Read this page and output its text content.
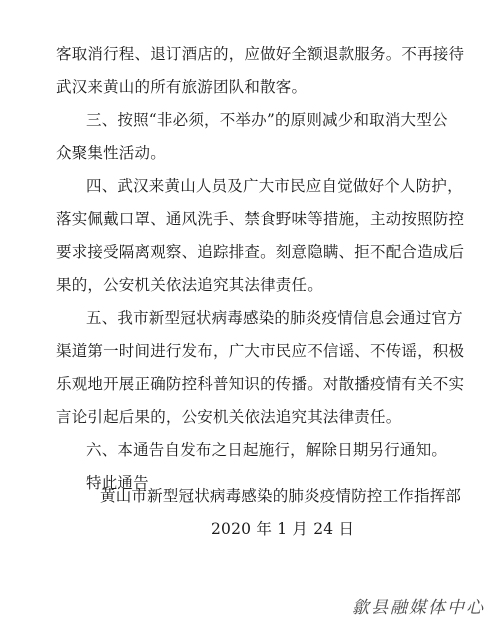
客取消行程、退订酒店的，应做好全额退款服务。不再接待
武汉来黄山的所有旅游团队和散客。
三、按照“非必须，不举办”的原则减少和取消大型公
众聚集性活动。
四、武汉来黄山人员及广大市民应自觉做好个人防护，
落实佩戴口罩、通风洗手、禁食野味等措施，主动按照防控
要求接受隔离观察、追踪排查。刻意隐瞒、拒不配合造成后
果的，公安机关依法追究其法律责任。
五、我市新型冠状病毒感染的肺炎疫情信息会通过官方
渠道第一时间进行发布，广大市民应不信谣、不传谣，积极
乐观地开展正确防控科普知识的传播。对散播疫情有关不实
言论引起后果的，公安机关依法追究其法律责任。
六、本通告自发布之日起施行，解除日期另行通知。
特此通告
黄山市新型冠状病毒感染的肺炎疫情防控工作指挥部
2020 年 1 月 24 日
歙县融媒体中心
